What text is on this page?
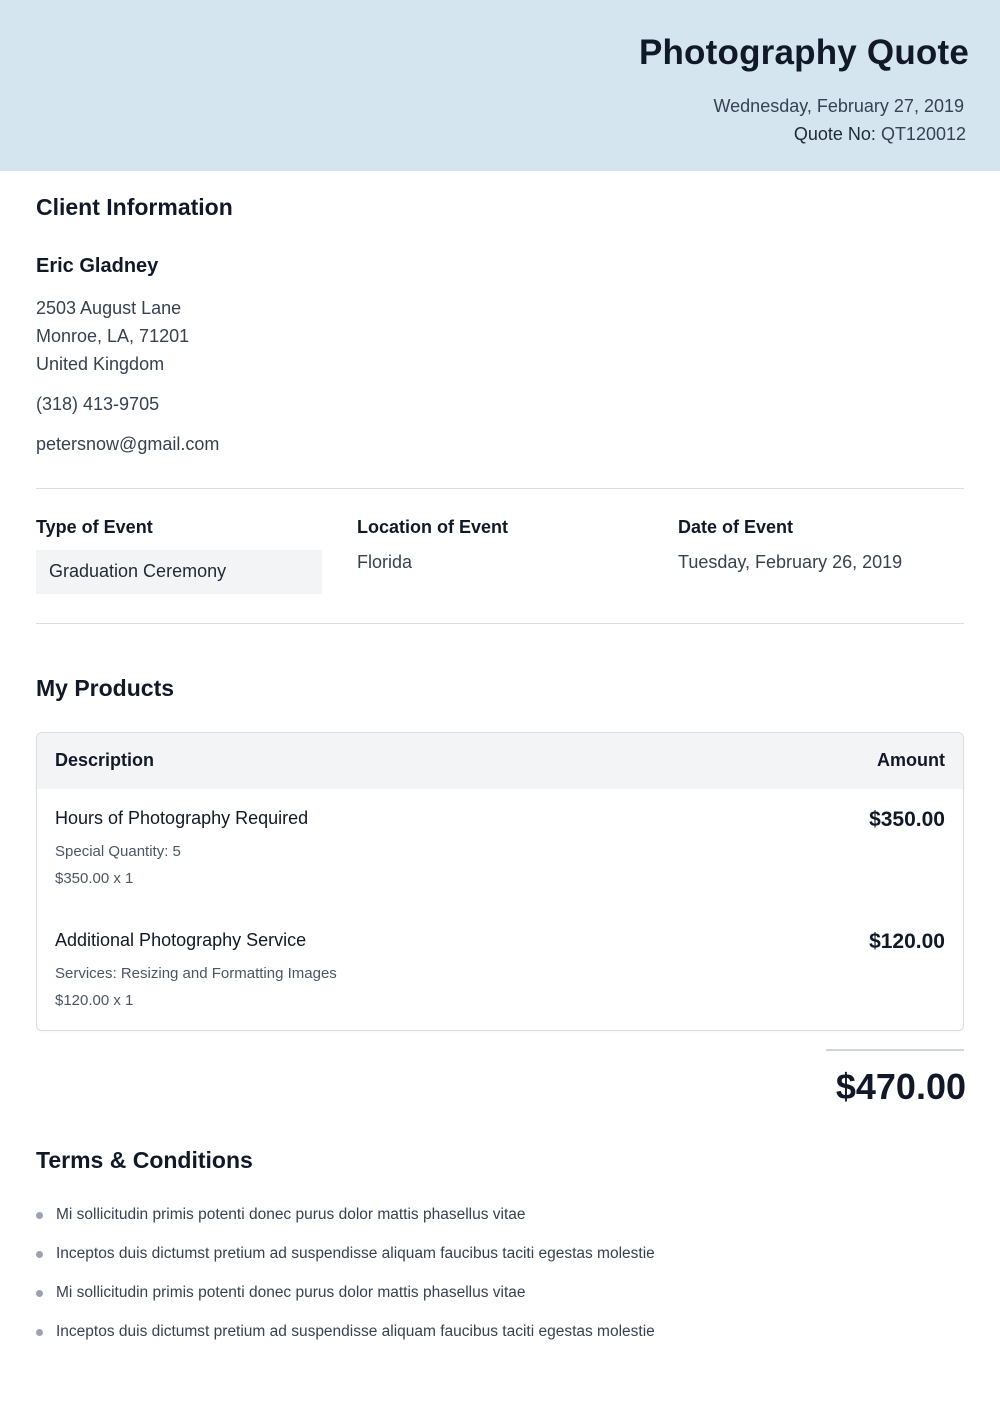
Photography Quote
Wednesday, February 27, 2019
Quote No: QT120012
Client Information
Eric Gladney
2503 August Lane
Monroe, LA, 71201
United Kingdom
(318) 413-9705
petersnow@gmail.com
Type of Event
Graduation Ceremony
Location of Event
Florida
Date of Event
Tuesday, February 26, 2019
My Products
Description	Amount
Hours of Photography Required
Special Quantity: 5
$350.00 x 1
$350.00
Additional Photography Service
Services: Resizing and Formatting Images
$120.00 x 1
$120.00
$470.00
Terms & Conditions
Mi sollicitudin primis potenti donec purus dolor mattis phasellus vitae
Inceptos duis dictumst pretium ad suspendisse aliquam faucibus taciti egestas molestie
Mi sollicitudin primis potenti donec purus dolor mattis phasellus vitae
Inceptos duis dictumst pretium ad suspendisse aliquam faucibus taciti egestas molestie
